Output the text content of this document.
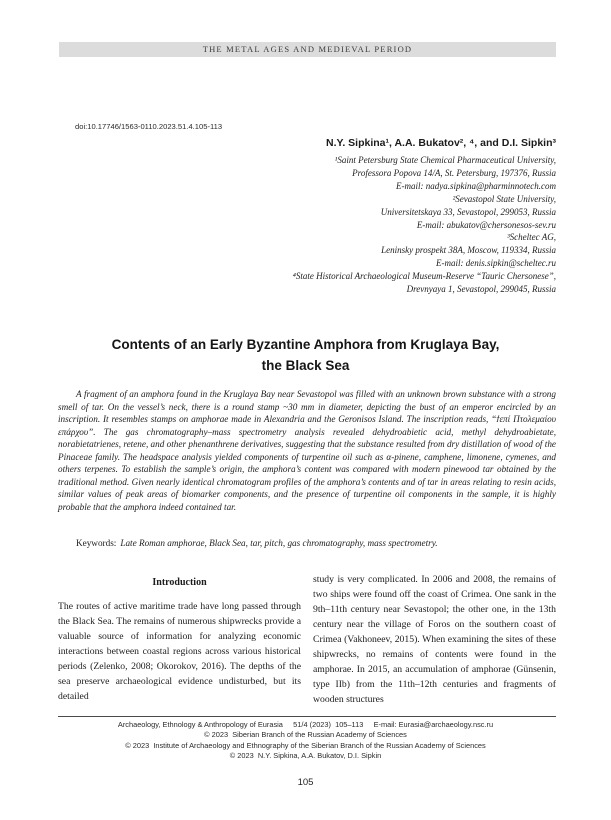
THE METAL AGES AND MEDIEVAL PERIOD
doi:10.17746/1563-0110.2023.51.4.105-113
N.Y. Sipkina¹, A.A. Bukatov², ⁴, and D.I. Sipkin³
¹Saint Petersburg State Chemical Pharmaceutical University,
Professora Popova 14/A, St. Petersburg, 197376, Russia
E-mail: nadya.sipkina@pharminnotech.com
²Sevastopol State University,
Universitetskaya 33, Sevastopol, 299053, Russia
E-mail: abukatov@chersonesos-sev.ru
³Scheltec AG,
Leninsky prospekt 38A, Moscow, 119334, Russia
E-mail: denis.sipkin@scheltec.ru
⁴State Historical Archaeological Museum-Reserve “Tauric Chersonese”,
Drevnyaya 1, Sevastopol, 299045, Russia
Contents of an Early Byzantine Amphora from Kruglaya Bay,
the Black Sea
A fragment of an amphora found in the Kruglaya Bay near Sevastopol was filled with an unknown brown substance with a strong smell of tar. On the vessel’s neck, there is a round stamp ~30 mm in diameter, depicting the bust of an emperor encircled by an inscription. It resembles stamps on amphorae made in Alexandria and the Geronisos Island. The inscription reads, “ϯεπί Πτολεμαίου επάρχου”. The gas chromatography–mass spectrometry analysis revealed dehydroabietic acid, methyl dehydroabietate, norabietatrienes, retene, and other phenanthrene derivatives, suggesting that the substance resulted from dry distillation of wood of the Pinaceae family. The headspace analysis yielded components of turpentine oil such as α-pinene, camphene, limonene, cymenes, and others terpenes. To establish the sample’s origin, the amphora’s content was compared with modern pinewood tar obtained by the traditional method. Given nearly identical chromatogram profiles of the amphora’s contents and of tar in areas relating to resin acids, similar values of peak areas of biomarker components, and the presence of turpentine oil components in the sample, it is highly probable that the amphora indeed contained tar.
Keywords: Late Roman amphorae, Black Sea, tar, pitch, gas chromatography, mass spectrometry.
Introduction
The routes of active maritime trade have long passed through the Black Sea. The remains of numerous shipwrecks provide a valuable source of information for analyzing economic interactions between coastal regions across various historical periods (Zelenko, 2008; Okorokov, 2016). The depths of the sea preserve archaeological evidence undisturbed, but its detailed
study is very complicated. In 2006 and 2008, the remains of two ships were found off the coast of Crimea. One sank in the 9th–11th century near Sevastopol; the other one, in the 13th century near the village of Foros on the southern coast of Crimea (Vakhoneev, 2015). When examining the sites of these shipwrecks, no remains of contents were found in the amphorae. In 2015, an accumulation of amphorae (Günsenin, type IIb) from the 11th–12th centuries and fragments of wooden structures
Archaeology, Ethnology & Anthropology of Eurasia     51/4 (2023)  105–113     E-mail: Eurasia@archaeology.nsc.ru
© 2023  Siberian Branch of the Russian Academy of Sciences
© 2023  Institute of Archaeology and Ethnography of the Siberian Branch of the Russian Academy of Sciences
© 2023  N.Y. Sipkina, A.A. Bukatov, D.I. Sipkin
105
